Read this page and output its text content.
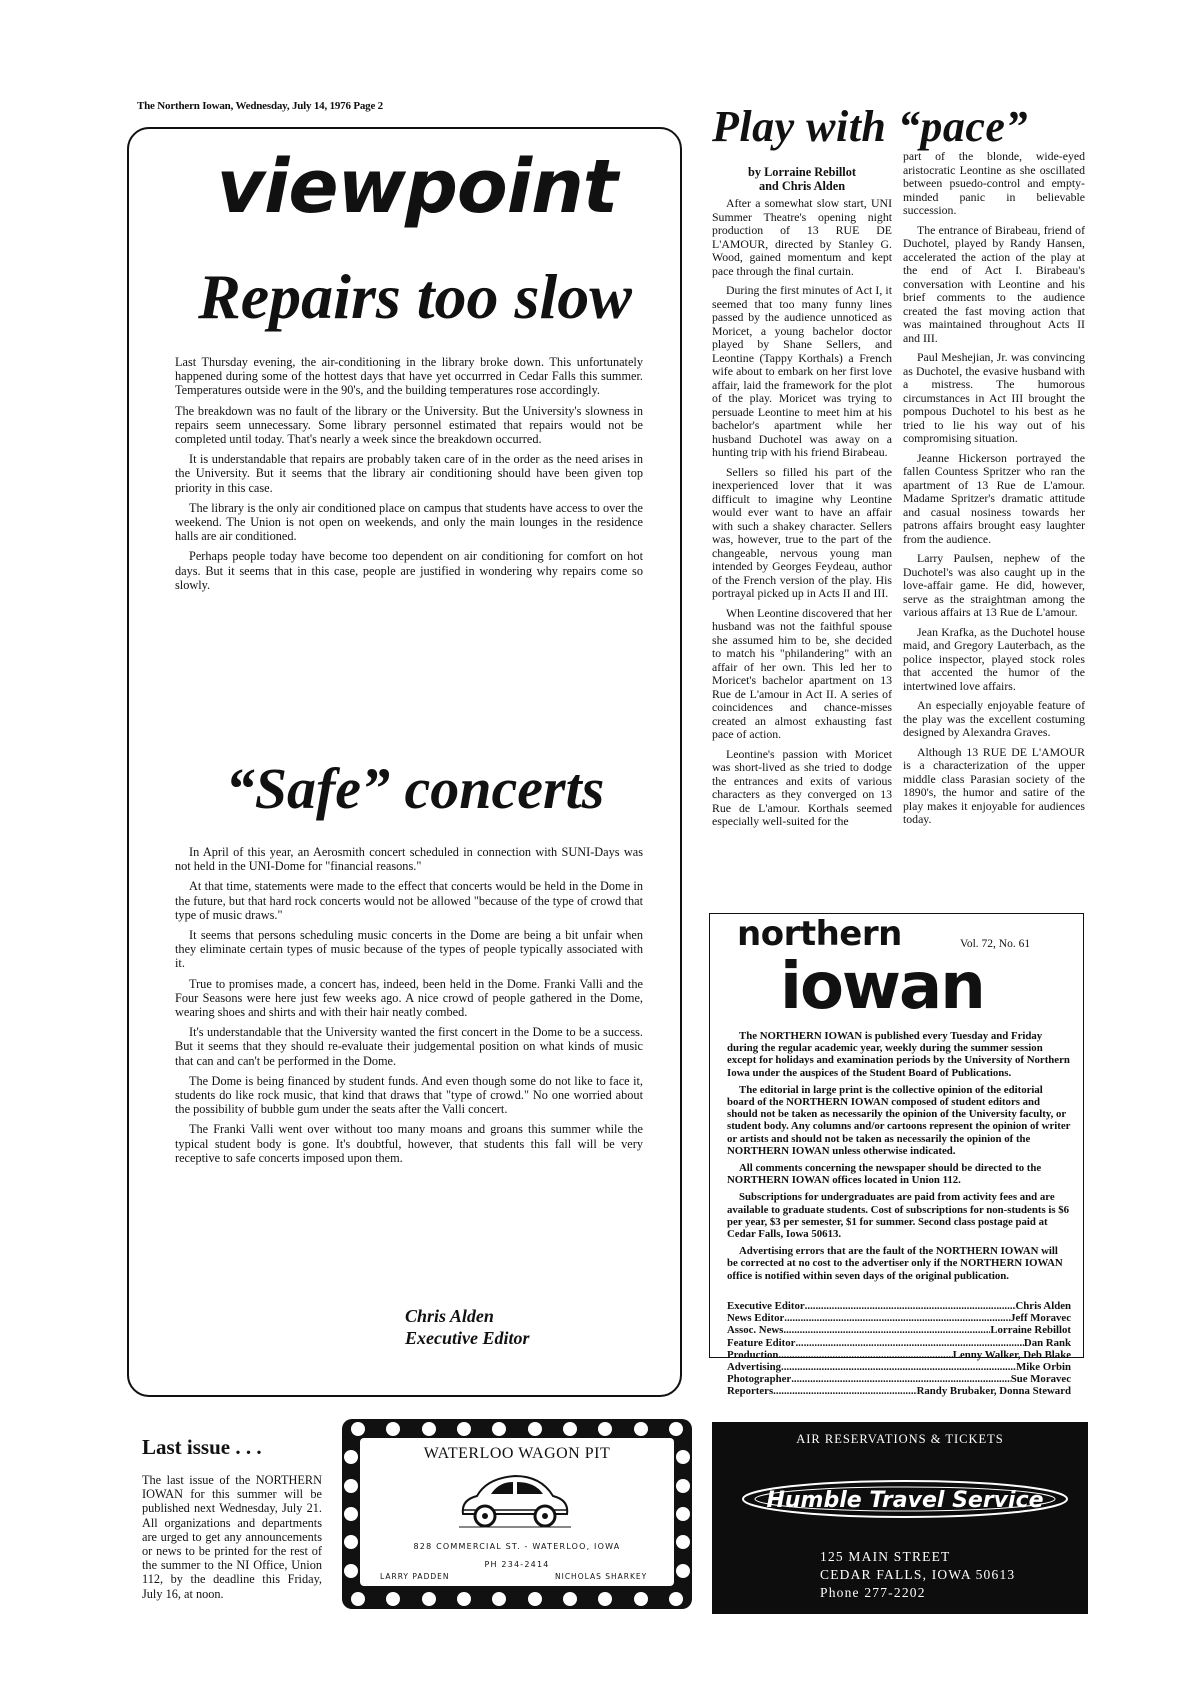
The Northern Iowan, Wednesday, July 14, 1976 Page 2
viewpoint
Repairs too slow

Last Thursday evening, the air-conditioning in the library broke down. This unfortunately happened during some of the hottest days that have yet occurrred in Cedar Falls this summer. Temperatures outside were in the 90's, and the building temperatures rose accordingly.

The breakdown was no fault of the library or the University. But the University's slowness in repairs seem unnecessary. Some library personnel estimated that repairs would not be completed until today. That's nearly a week since the breakdown occurred.

It is understandable that repairs are probably taken care of in the order as the need arises in the University. But it seems that the library air conditioning should have been given top priority in this case.

The library is the only air conditioned place on campus that students have access to over the weekend. The Union is not open on weekends, and only the main lounges in the residence halls are air conditioned.

Perhaps people today have become too dependent on air conditioning for comfort on hot days. But it seems that in this case, people are justified in wondering why repairs come so slowly.

“Safe” concerts

In April of this year, an Aerosmith concert scheduled in connection with SUNI-Days was not held in the UNI-Dome for "financial reasons."

At that time, statements were made to the effect that concerts would be held in the Dome in the future, but that hard rock concerts would not be allowed "because of the type of crowd that type of music draws."

It seems that persons scheduling music concerts in the Dome are being a bit unfair when they eliminate certain types of music because of the types of people typically associated with it.

True to promises made, a concert has, indeed, been held in the Dome. Franki Valli and the Four Seasons were here just few weeks ago. A nice crowd of people gathered in the Dome, wearing shoes and shirts and with their hair neatly combed.

It's understandable that the University wanted the first concert in the Dome to be a success. But it seems that they should re-evaluate their judgemental position on what kinds of music that can and can't be performed in the Dome.

The Dome is being financed by student funds. And even though some do not like to face it, students do like rock music, that kind that draws that "type of crowd." No one worried about the possibility of bubble gum under the seats after the Valli concert.

The Franki Valli went over without too many moans and groans this summer while the typical student body is gone. It's doubtful, however, that students this fall will be very receptive to safe concerts imposed upon them.

Chris Alden
Executive Editor
Play with “pace”
by Lorraine Rebillot
and Chris Alden

After a somewhat slow start, UNI Summer Theatre's opening night production of 13 RUE DE L'AMOUR, directed by Stanley G. Wood, gained momentum and kept pace through the final curtain.

During the first minutes of Act I, it seemed that too many funny lines passed by the audience unnoticed as Moricet, a young bachelor doctor played by Shane Sellers, and Leontine (Tappy Korthals) a French wife about to embark on her first love affair, laid the framework for the plot of the play. Moricet was trying to persuade Leontine to meet him at his bachelor's apartment while her husband Duchotel was away on a hunting trip with his friend Birabeau.

Sellers so filled his part of the inexperienced lover that it was difficult to imagine why Leontine would ever want to have an affair with such a shakey character. Sellers was, however, true to the part of the changeable, nervous young man intended by Georges Feydeau, author of the French version of the play. His portrayal picked up in Acts II and III.

When Leontine discovered that her husband was not the faithful spouse she assumed him to be, she decided to match his "philandering" with an affair of her own. This led her to Moricet's bachelor apartment on 13 Rue de L'amour in Act II. A series of coincidences and chance-misses created an almost exhausting fast pace of action.

Leontine's passion with Moricet was short-lived as she tried to dodge the entrances and exits of various characters as they converged on 13 Rue de L'amour. Korthals seemed especially well-suited for the

part of the blonde, wide-eyed aristocratic Leontine as she oscillated between psuedo-control and empty-minded panic in believable succession.

The entrance of Birabeau, friend of Duchotel, played by Randy Hansen, accelerated the action of the play at the end of Act I. Birabeau's conversation with Leontine and his brief comments to the audience created the fast moving action that was maintained throughout Acts II and III.

Paul Meshejian, Jr. was convincing as Duchotel, the evasive husband with a mistress. The humorous circumstances in Act III brought the pompous Duchotel to his best as he tried to lie his way out of his compromising situation.

Jeanne Hickerson portrayed the fallen Countess Spritzer who ran the apartment of 13 Rue de L'amour. Madame Spritzer's dramatic attitude and casual nosiness towards her patrons affairs brought easy laughter from the audience.

Larry Paulsen, nephew of the Duchotel's was also caught up in the love-affair game. He did, however, serve as the straightman among the various affairs at 13 Rue de L'amour.

Jean Krafka, as the Duchotel house maid, and Gregory Lauterbach, as the police inspector, played stock roles that accented the humor of the intertwined love affairs.

An especially enjoyable feature of the play was the excellent costuming designed by Alexandra Graves.

Although 13 RUE DE L'AMOUR is a characterization of the upper middle class Parasian society of the 1890's, the humor and satire of the play makes it enjoyable for audiences today.

northern	Vol. 72, No. 61
iowan

The NORTHERN IOWAN is published every Tuesday and Friday during the regular academic year, weekly during the summer session except for holidays and examination periods by the University of Northern Iowa under the auspices of the Student Board of Publications.

The editorial in large print is the collective opinion of the editorial board of the NORTHERN IOWAN composed of student editors and should not be taken as necessarily the opinion of the University faculty, or student body. Any columns and/or cartoons represent the opinion of writer or artists and should not be taken as necessarily the opinion of the NORTHERN IOWAN unless otherwise indicated.

All comments concerning the newspaper should be directed to the NORTHERN IOWAN offices located in Union 112.

Subscriptions for undergraduates are paid from activity fees and are available to graduate students. Cost of subscriptions for non-students is $6 per year, $3 per semester, $1 for summer. Second class postage paid at Cedar Falls, Iowa 50613.

Advertising errors that are the fault of the NORTHERN IOWAN will be corrected at no cost to the advertiser only if the NORTHERN IOWAN office is notified within seven days of the original publication.

Executive Editor .....	Chris Alden
News Editor .....	Jeff Moravec
Assoc. News .....	Lorraine Rebillot
Feature Editor .....	Dan Rank
Production .....	Lenny Walker, Deb Blake
Advertising .....	Mike Orbin
Photographer .....	Sue Moravec
Reporters .....	Randy Brubaker, Donna Steward
Last issue . . .
The last issue of the NORTHERN IOWAN for this summer will be published next Wednesday, July 21. All organizations and departments are urged to get any announcements or news to be printed for the rest of the summer to the NI Office, Union 112, by the deadline this Friday, July 16, at noon.
WATERLOO WAGON PIT
828 COMMERCIAL ST. - WATERLOO, IOWA
PH 234-2414
LARRY PADDEN	NICHOLAS SHARKEY
AIR RESERVATIONS & TICKETS
Humble Travel Service
125 MAIN STREET
CEDAR FALLS, IOWA 50613
Phone 277-2202
